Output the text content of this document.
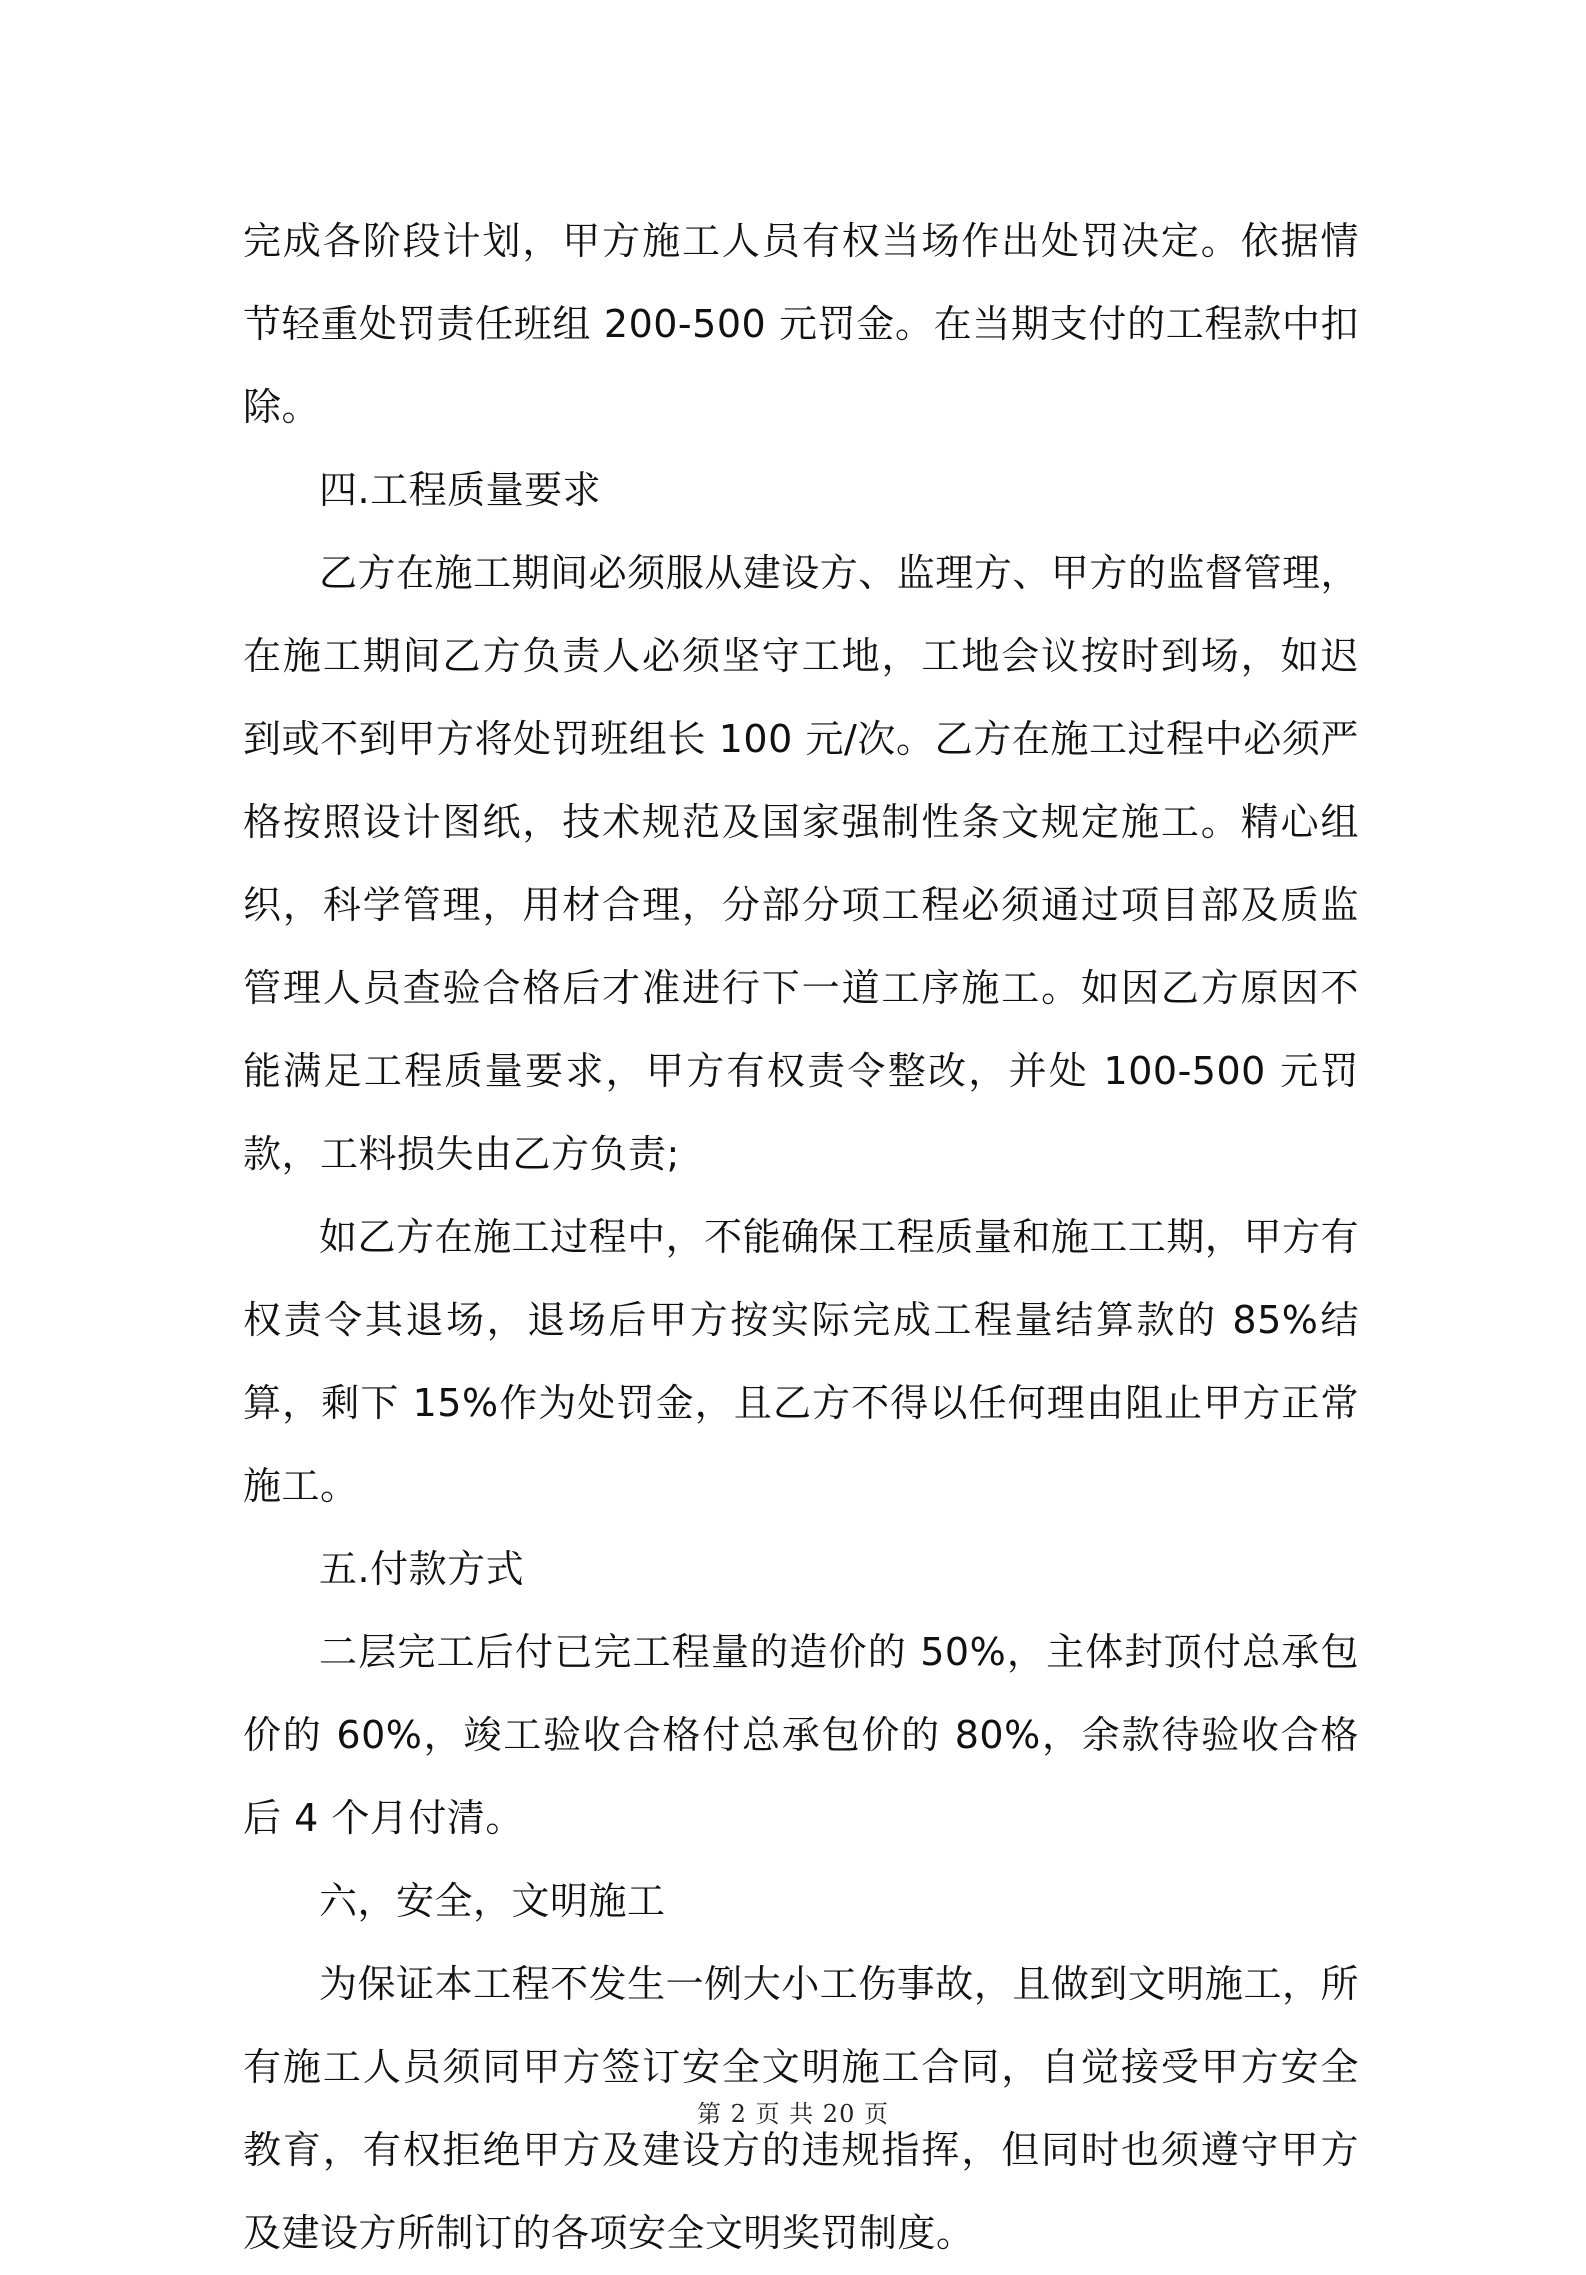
完成各阶段计划，甲方施工人员有权当场作出处罚决定。依据情节轻重处罚责任班组 200-500 元罚金。在当期支付的工程款中扣除。

四.工程质量要求

乙方在施工期间必须服从建设方、监理方、甲方的监督管理，在施工期间乙方负责人必须坚守工地，工地会议按时到场，如迟到或不到甲方将处罚班组长 100 元/次。乙方在施工过程中必须严格按照设计图纸，技术规范及国家强制性条文规定施工。精心组织，科学管理，用材合理，分部分项工程必须通过项目部及质监管理人员查验合格后才准进行下一道工序施工。如因乙方原因不能满足工程质量要求，甲方有权责令整改，并处 100-500 元罚款，工料损失由乙方负责;

如乙方在施工过程中，不能确保工程质量和施工工期，甲方有权责令其退场，退场后甲方按实际完成工程量结算款的 85%结算，剩下 15%作为处罚金，且乙方不得以任何理由阻止甲方正常施工。

五.付款方式

二层完工后付已完工程量的造价的 50%，主体封顶付总承包价的 60%，竣工验收合格付总承包价的 80%，余款待验收合格后 4 个月付清。

六，安全，文明施工

为保证本工程不发生一例大小工伤事故，且做到文明施工，所有施工人员须同甲方签订安全文明施工合同，自觉接受甲方安全教育，有权拒绝甲方及建设方的违规指挥，但同时也须遵守甲方及建设方所制订的各项安全文明奖罚制度。

第 2 页 共 20 页
